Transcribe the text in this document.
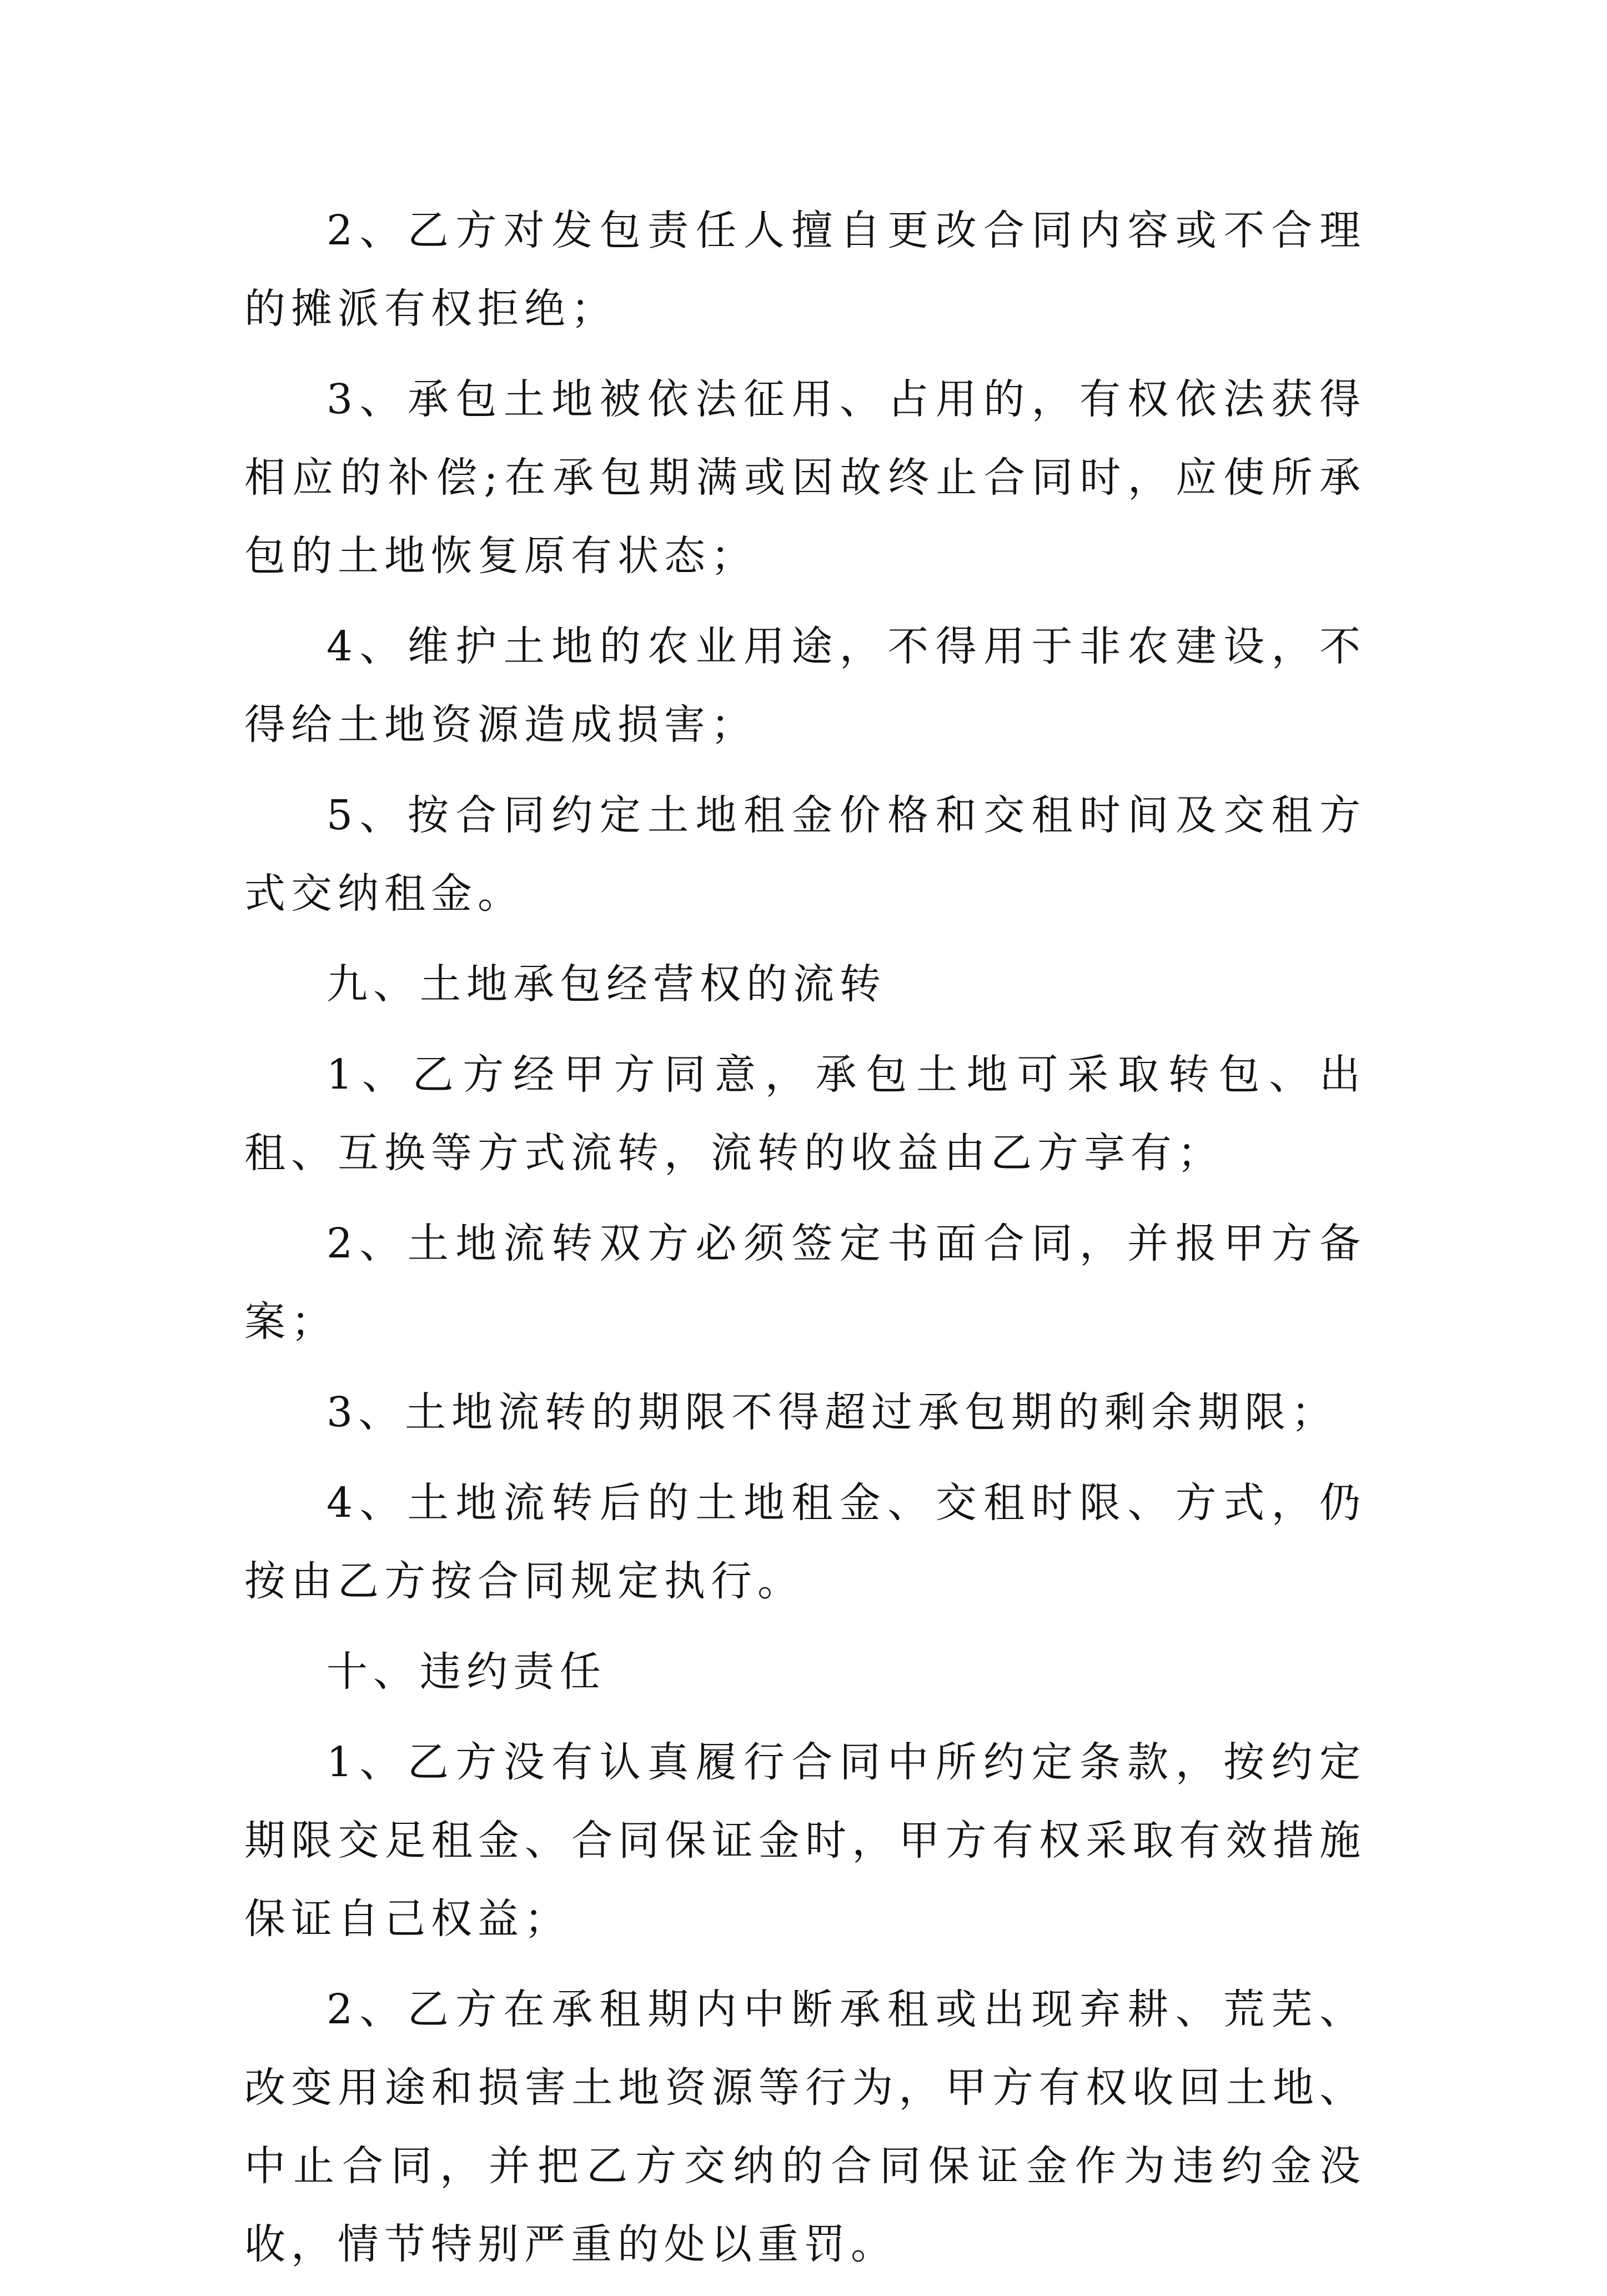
2、乙方对发包责任人擅自更改合同内容或不合理的摊派有权拒绝；

3、承包土地被依法征用、占用的，有权依法获得相应的补偿;在承包期满或因故终止合同时，应使所承包的土地恢复原有状态；

4、维护土地的农业用途，不得用于非农建设，不得给土地资源造成损害；

5、按合同约定土地租金价格和交租时间及交租方式交纳租金。

九、土地承包经营权的流转

1、乙方经甲方同意，承包土地可采取转包、出租、互换等方式流转，流转的收益由乙方享有；

2、土地流转双方必须签定书面合同，并报甲方备案；

3、土地流转的期限不得超过承包期的剩余期限；

4、土地流转后的土地租金、交租时限、方式，仍按由乙方按合同规定执行。

十、违约责任

1、乙方没有认真履行合同中所约定条款，按约定期限交足租金、合同保证金时，甲方有权采取有效措施保证自己权益；

2、乙方在承租期内中断承租或出现弃耕、荒芜、改变用途和损害土地资源等行为，甲方有权收回土地、中止合同，并把乙方交纳的合同保证金作为违约金没收，情节特别严重的处以重罚。
